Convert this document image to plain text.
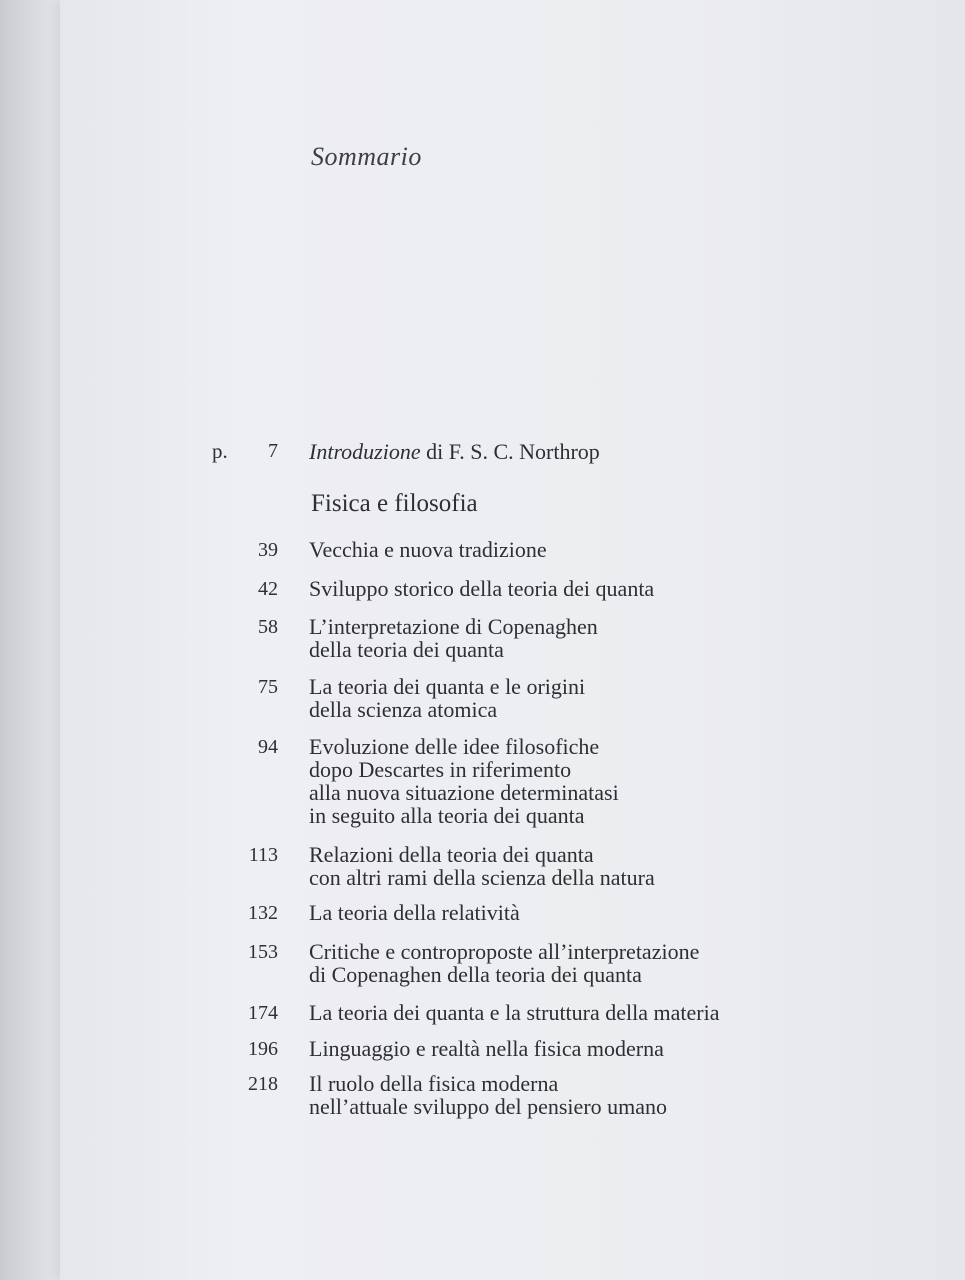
Sommario
p. 7 Introduzione di F. S. C. Northrop
Fisica e filosofia
39 Vecchia e nuova tradizione
42 Sviluppo storico della teoria dei quanta
58 L’interpretazione di Copenaghen
della teoria dei quanta
75 La teoria dei quanta e le origini
della scienza atomica
94 Evoluzione delle idee filosofiche
dopo Descartes in riferimento
alla nuova situazione determinatasi
in seguito alla teoria dei quanta
113 Relazioni della teoria dei quanta
con altri rami della scienza della natura
132 La teoria della relatività
153 Critiche e controproposte all’interpretazione
di Copenaghen della teoria dei quanta
174 La teoria dei quanta e la struttura della materia
196 Linguaggio e realtà nella fisica moderna
218 Il ruolo della fisica moderna
nell’attuale sviluppo del pensiero umano
